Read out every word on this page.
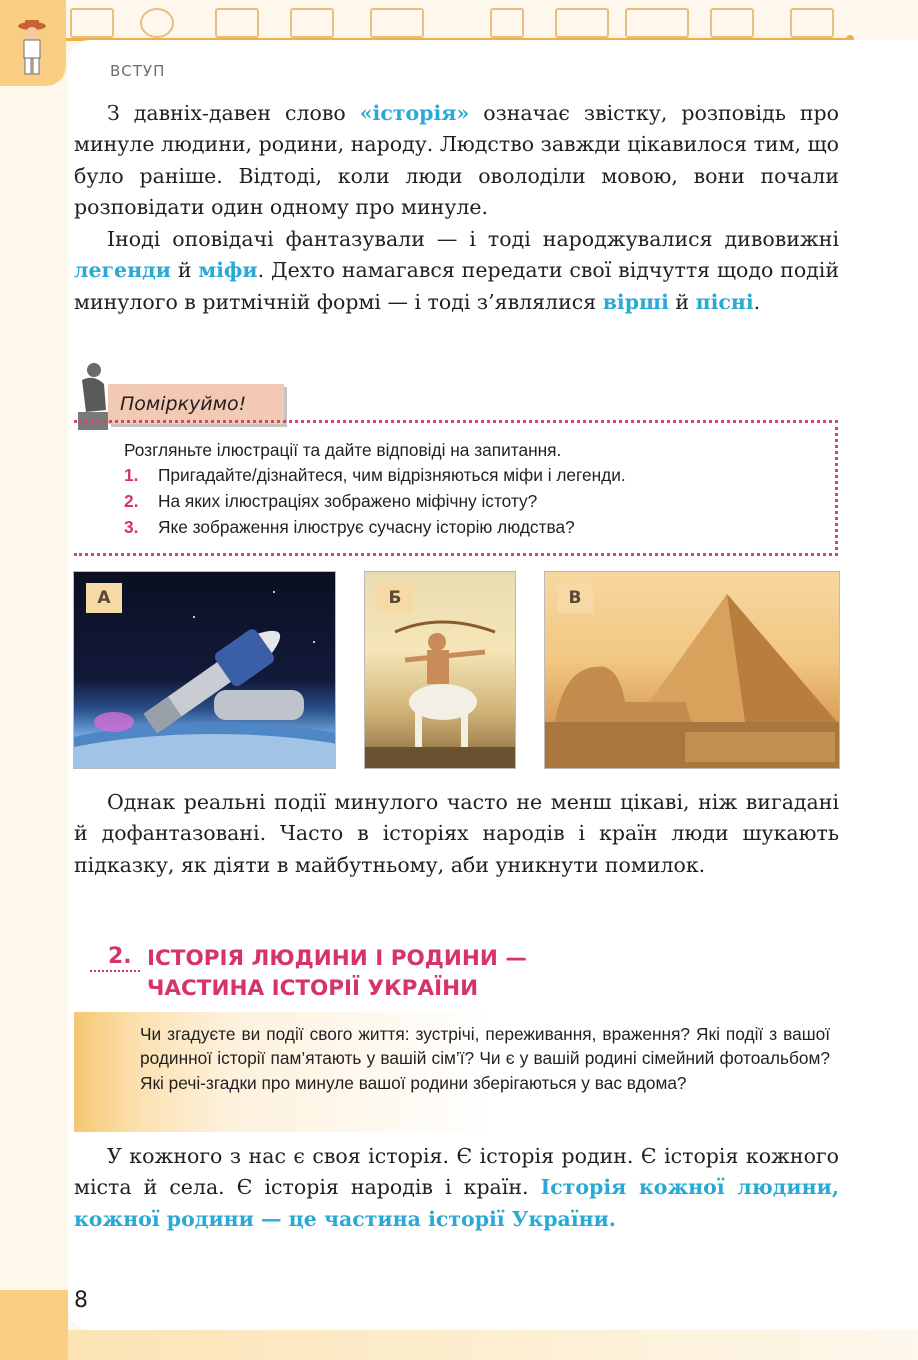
ВСТУП

З давніх-давен слово «історія» означає звістку, розповідь про минуле людини, родини, народу. Людство завжди цікавилося тим, що було раніше. Відтоді, коли люди оволоділи мовою, вони почали розповідати один одному про минуле.

Іноді оповідачі фантазували — і тоді народжувалися дивовижні легенди й міфи. Дехто намагався передати свої відчуття щодо подій минулого в ритмічній формі — і тоді з’являлися вірші й пісні.

Поміркуймо!
Розгляньте ілюстрації та дайте відповіді на запитання.
1. Пригадайте/дізнайтеся, чим відрізняються міфи і легенди.
2. На яких ілюстраціях зображено міфічну істоту?
3. Яке зображення ілюструє сучасну історію людства?
А	Б	В

Однак реальні події минулого часто не менш цікаві, ніж вигадані й дофантазовані. Часто в історіях народів і країн люди шукають підказку, як діяти в майбутньому, аби уникнути помилок.

2. ІСТОРІЯ ЛЮДИНИ І РОДИНИ —
ЧАСТИНА ІСТОРІЇ УКРАЇНИ

Чи згадуєте ви події свого життя: зустрічі, переживання, враження? Які події з вашої родинної історії пам’ятають у вашій сім’ї? Чи є у вашій родині сімейний фотоальбом? Які речі-згадки про минуле вашої родини зберігаються у вас вдома?

У кожного з нас є своя історія. Є історія родин. Є історія кожного міста й села. Є історія народів і країн. Історія кожної людини, кожної родини — це частина історії України.

8
